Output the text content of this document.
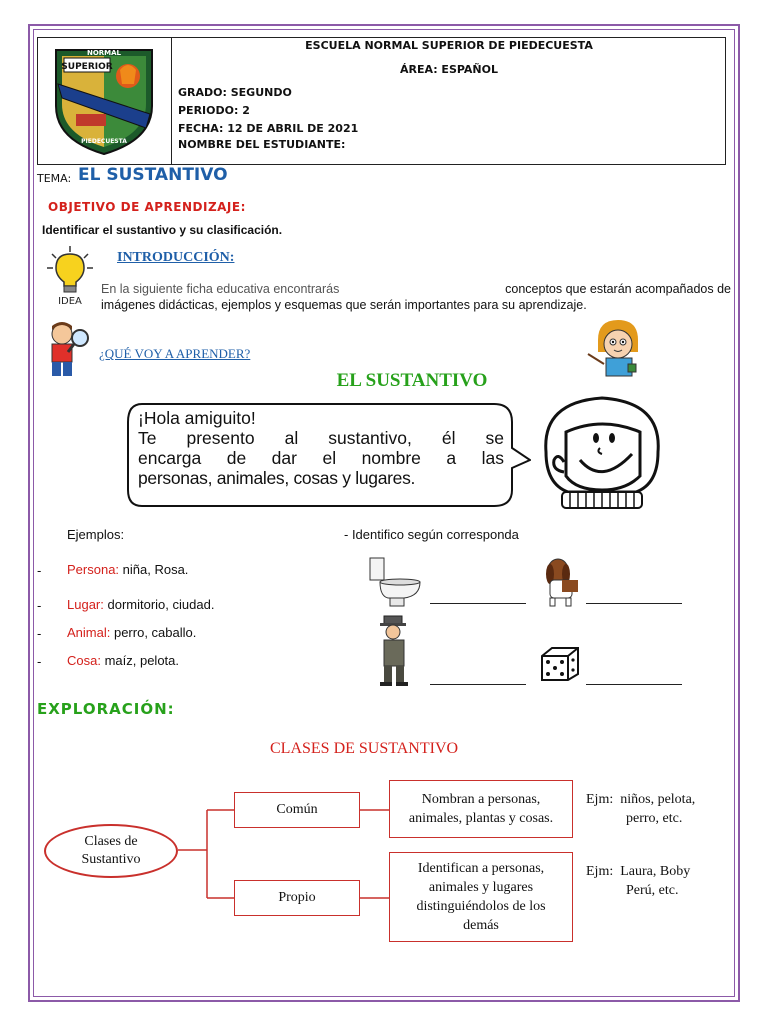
NORMAL
SUPERIOR
PIEDECUESTA
ESCUELA NORMAL SUPERIOR DE PIEDECUESTA
ÁREA: ESPAÑOL
GRADO: SEGUNDO
PERIODO: 2
FECHA: 12 DE ABRIL DE 2021
NOMBRE DEL ESTUDIANTE:
TEMA: EL SUSTANTIVO
OBJETIVO DE APRENDIZAJE:
Identificar el sustantivo y su clasificación.
IDEA
INTRODUCCIÓN:
En la siguiente ficha educativa encontrarás	conceptos que estarán acompañados de
imágenes didácticas, ejemplos y esquemas que serán importantes para su aprendizaje.
¿QUÉ VOY A APRENDER?
EL SUSTANTIVO
¡Hola amiguito!
Te presento al sustantivo, él se
encarga de dar el nombre a las
personas, animales, cosas y lugares.
Ejemplos:	- Identifico según corresponda
- Persona: niña, Rosa.
- Lugar: dormitorio, ciudad.
- Animal: perro, caballo.
- Cosa: maíz, pelota.
EXPLORACIÓN:
CLASES DE SUSTANTIVO
Clases de
Sustantivo
Común
Propio
Nombran a personas,
animales, plantas y cosas.
Identifican a personas,
animales y lugares
distinguiéndolos de los
demás
Ejm: niños, pelota,
perro, etc.
Ejm: Laura, Boby
Perú, etc.
